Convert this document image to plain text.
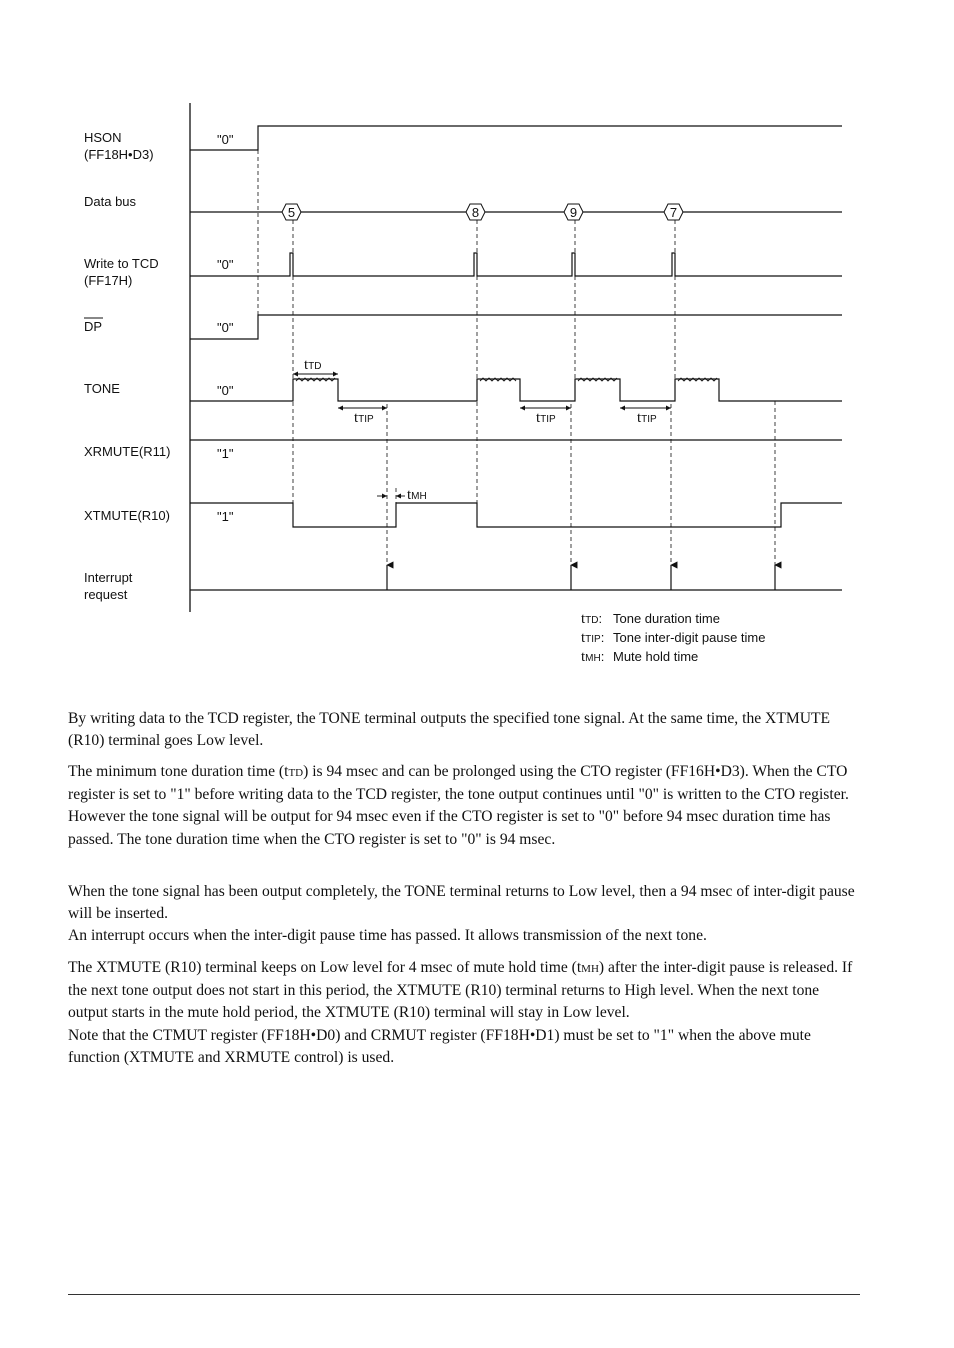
HSON
(FF18H•D3)
Data bus
Write to TCD
(FF17H)
DP
TONE
XRMUTE(R11)
XTMUTE(R10)
Interrupt
request
"0"
"0"
"0"
"0"
"1"
"1"
5	8	9	7
tTD
tTIP	tTIP	tTIP
tMH
tTD: Tone duration time
tTIP: Tone inter-digit pause time
tMH: Mute hold time

By writing data to the TCD register, the TONE terminal outputs the specified tone signal. At the same time, the XTMUTE (R10) terminal goes Low level.

The minimum tone duration time (tTD) is 94 msec and can be prolonged using the CTO register (FF16H•D3). When the CTO register is set to "1" before writing data to the TCD register, the tone output continues until "0" is written to the CTO register. However the tone signal will be output for 94 msec even if the CTO register is set to "0" before 94 msec duration time has passed. The tone duration time when the CTO register is set to "0" is 94 msec.

When the tone signal has been output completely, the TONE terminal returns to Low level, then a 94 msec of inter-digit pause will be inserted.

An interrupt occurs when the inter-digit pause time has passed. It allows transmission of the next tone.

The XTMUTE (R10) terminal keeps on Low level for 4 msec of mute hold time (tMH) after the inter-digit pause is released. If the next tone output does not start in this period, the XTMUTE (R10) terminal returns to High level. When the next tone output starts in the mute hold period, the XTMUTE (R10) terminal will stay in Low level.

Note that the CTMUT register (FF18H•D0) and CRMUT register (FF18H•D1) must be set to "1" when the above mute function (XTMUTE and XRMUTE control) is used.
